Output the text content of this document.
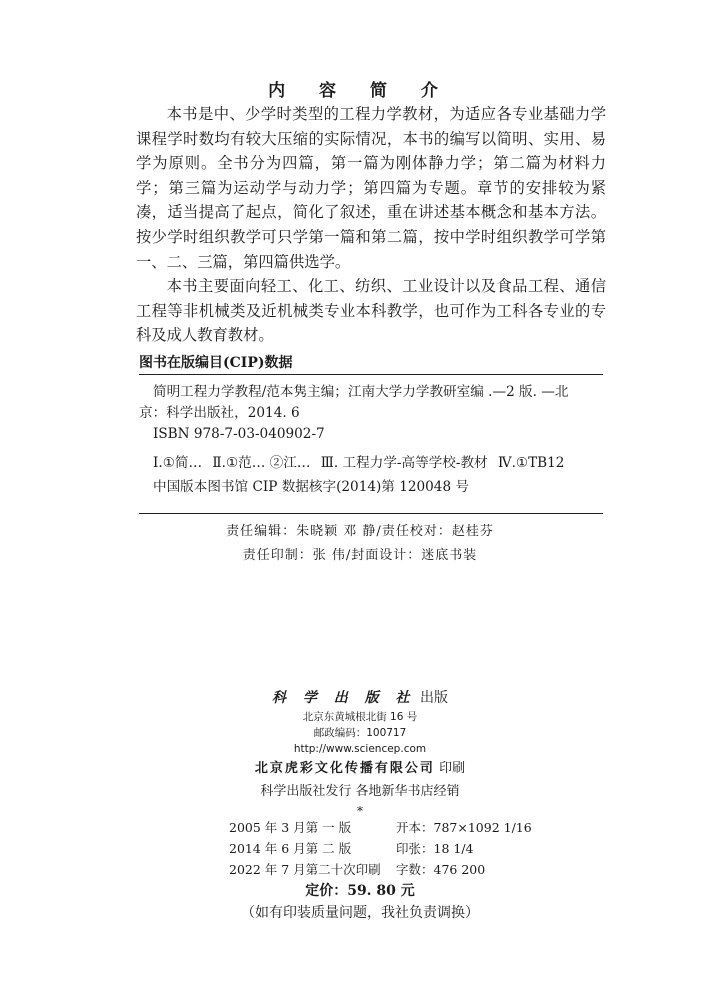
内 容 简 介

本书是中、少学时类型的工程力学教材，为适应各专业基础力学课程学时数均有较大压缩的实际情况，本书的编写以简明、实用、易学为原则。全书分为四篇，第一篇为刚体静力学；第二篇为材料力学；第三篇为运动学与动力学；第四篇为专题。章节的安排较为紧凑，适当提高了起点，简化了叙述，重在讲述基本概念和基本方法。按少学时组织教学可只学第一篇和第二篇，按中学时组织教学可学第一、二、三篇，第四篇供选学。

本书主要面向轻工、化工、纺织、工业设计以及食品工程、通信工程等非机械类及近机械类专业本科教学，也可作为工科各专业的专科及成人教育教材。

图书在版编目(CIP)数据
简明工程力学教程/范本隽主编；江南大学力学教研室编 .—2 版. —北
京：科学出版社，2014. 6
ISBN 978-7-03-040902-7
Ⅰ.①简… Ⅱ.①范… ②江… Ⅲ. 工程力学-高等学校-教材 Ⅳ.①TB12
中国版本图书馆 CIP 数据核字(2014)第 120048 号
责任编辑：朱晓颖 邓 静/责任校对：赵桂芬
责任印制：张 伟/封面设计：迷底书装
科 学 出 版 社 出版
北京东黄城根北街 16 号
邮政编码：100717
http://www.sciencep.com
北京虎彩文化传播有限公司 印刷
科学出版社发行 各地新华书店经销
*
2005 年 3 月第 一 版	开本：787×1092 1/16
2014 年 6 月第 二 版	印张：18 1/4
2022 年 7 月第二十次印刷	字数：476 200
定价：59. 80 元
（如有印装质量问题，我社负责调换）
